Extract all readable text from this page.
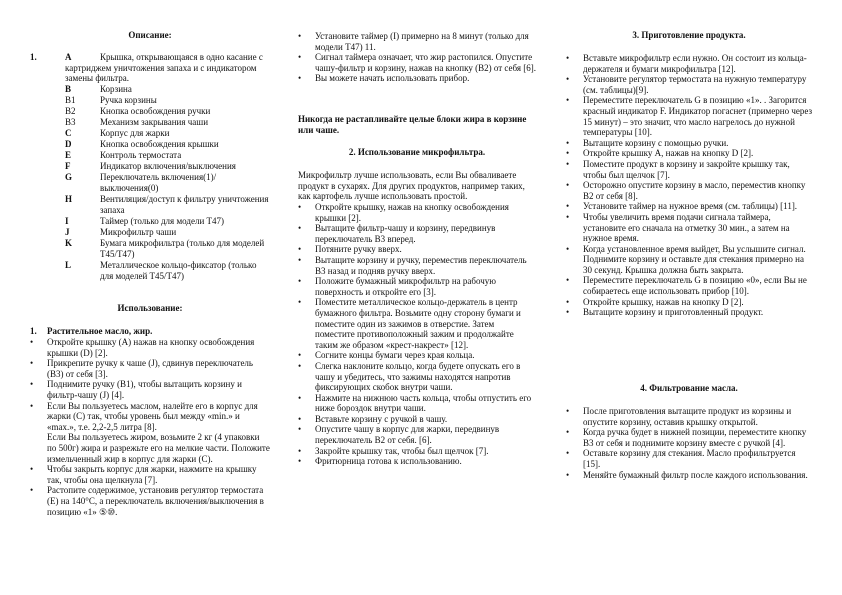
Описание:
1.	A	Крышка, открывающаяся в одно касание с картриджем уничтожения запаха и с индикатором замены фильтра.
B	Корзина
B1	Ручка корзины
B2	Кнопка освобождения ручки
B3	Механизм закрывания чаши
C	Корпус для жарки
D	Кнопка освобождения крышки
E	Контроль термостата
F	Индикатор включения/выключения
G	Переключатель включения(1)/выключения(0)
H	Вентиляция/доступ к фильтру уничтожения запаха
I	Таймер (только для модели T47)
J	Микрофильтр чаши
K	Бумага микрофильтра (только для моделей T45/T47)
L	Металлическое кольцо-фиксатор (только для моделей T45/T47)
Использование:
1. Растительное масло, жир.
• Откройте крышку (А) нажав на кнопку освобождения крышки (D) [2].
• Прикрепите ручку к чаше (J), сдвинув переключатель (В3) от себя [3].
• Поднимите ручку (В1), чтобы вытащить корзину и фильтр-чашу (J) [4].
• Если Вы пользуетесь маслом, налейте его в корпус для жарки (С) так, чтобы уровень был между «min.» и «max.», т.е. 2,2-2,5 литра [8].
Если Вы пользуетесь жиром, возьмите 2 кг (4 упаковки по 500г) жира и разрежьте его на мелкие части. Положите измельченный жир в корпус для жарки (С).
• Чтобы закрыть корпус для жарки, нажмите на крышку так, чтобы она щелкнула [7].
• Растопите содержимое, установив регулятор термостата (Е) на 140°С, а переключатель включения/выключения в позицию «1» ⑤⑩.
• Установите таймер (I) примерно на 8 минут (только для модели T47) 11.
• Сигнал таймера означает, что жир растопился. Опустите чашу-фильтр и корзину, нажав на кнопку (В2) от себя [6].
• Вы можете начать использовать прибор.
Никогда не растапливайте целые блоки жира в корзине или чаше.
2. Использование микрофильтра.
Микрофильтр лучше использовать, если Вы обваливаете продукт в сухарях. Для других продуктов, например таких, как картофель лучше использовать простой.
• Откройте крышку, нажав на кнопку освобождения крышки [2].
• Вытащите фильтр-чашу и корзину, передвинув переключатель В3 вперед.
• Потяните ручку вверх.
• Вытащите корзину и ручку, переместив переключатель В3 назад и подняв ручку вверх.
• Положите бумажный микрофильтр на рабочую поверхность и откройте его [3].
• Поместите металлическое кольцо-держатель в центр бумажного фильтра. Возьмите одну сторону бумаги и поместите один из зажимов в отверстие. Затем поместите противоположный зажим и продолжайте таким же образом «крест-накрест» [12].
• Согните концы бумаги через края кольца.
• Слегка наклоните кольцо, когда будете опускать его в чашу и убедитесь, что зажимы находятся напротив фиксирующих скобок внутри чаши.
• Нажмите на нижнюю часть кольца, чтобы отпустить его ниже бороздок внутри чаши.
• Вставьте корзину с ручкой в чашу.
• Опустите чашу в корпус для жарки, передвинув переключатель В2 от себя. [6].
• Закройте крышку так, чтобы был щелчок [7].
• Фритюрница готова к использованию.
3. Приготовление продукта.
• Вставьте микрофильтр если нужно. Он состоит из кольца-держателя и бумаги микрофильтра [12].
• Установите регулятор термостата на нужную температуру (см. таблицы)[9].
• Переместите переключатель G в позицию «1». . Загорится красный индикатор F. Индикатор погаснет (примерно через 15 минут) – это значит, что масло нагрелось до нужной температуры [10].
• Вытащите корзину с помощью ручки.
• Откройте крышку А, нажав на кнопку D [2].
• Поместите продукт в корзину и закройте крышку так, чтобы был щелчок [7].
• Осторожно опустите корзину в масло, переместив кнопку В2 от себя [8].
• Установите таймер на нужное время (см. таблицы) [11].
• Чтобы увеличить время подачи сигнала таймера, установите его сначала на отметку 30 мин., а затем на нужное время.
• Когда установленное время выйдет, Вы услышите сигнал. Поднимите корзину и оставьте для стекания примерно на 30 секунд. Крышка должна быть закрыта.
• Переместите переключатель G в позицию «0», если Вы не собираетесь еще использовать прибор [10].
• Откройте крышку, нажав на кнопку D [2].
• Вытащите корзину и приготовленный продукт.
4. Фильтрование масла.
• После приготовления вытащите продукт из корзины и опустите корзину, оставив крышку открытой.
• Когда ручка будет в нижней позиции, переместите кнопку В3 от себя и поднимите корзину вместе с ручкой [4].
• Оставьте корзину для стекания. Масло профильтруется [15].
• Меняйте бумажный фильтр после каждого использования.
